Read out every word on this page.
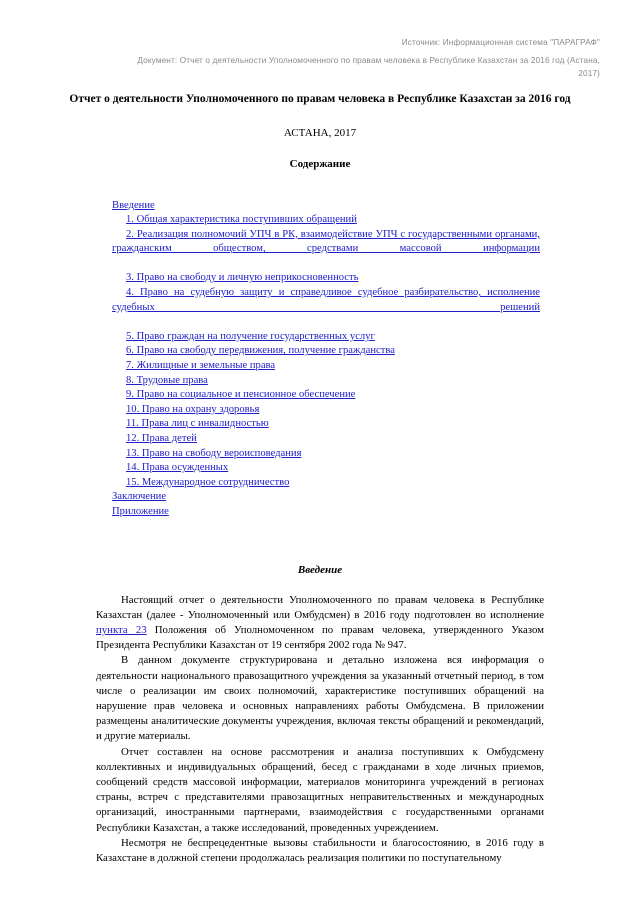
Источник: Информационная система "ПАРАГРАФ"
Документ: Отчет о деятельности Уполномоченного по правам человека в Республике Казахстан за 2016 год (Астана, 2017)
Отчет о деятельности Уполномоченного по правам человека в Республике Казахстан за 2016 год
АСТАНА, 2017
Содержание
Введение
1. Общая характеристика поступивших обращений
2. Реализация полномочий УПЧ в РК, взаимодействие УПЧ с государственными органами, гражданским обществом, средствами массовой информации
3. Право на свободу и личную неприкосновенность
4. Право на судебную защиту и справедливое судебное разбирательство, исполнение судебных решений
5. Право граждан на получение государственных услуг
6. Право на свободу передвижения, получение гражданства
7. Жилищные и земельные права
8. Трудовые права
9. Право на социальное и пенсионное обеспечение
10. Право на охрану здоровья
11. Права лиц с инвалидностью
12. Права детей
13. Право на свободу вероисповедания
14. Права осужденных
15. Международное сотрудничество
Заключение
Приложение
Введение

Настоящий отчет о деятельности Уполномоченного по правам человека в Республике Казахстан (далее - Уполномоченный или Омбудсмен) в 2016 году подготовлен во исполнение пункта 23 Положения об Уполномоченном по правам человека, утвержденного Указом Президента Республики Казахстан от 19 сентября 2002 года № 947.

В данном документе структурирована и детально изложена вся информация о деятельности национального правозащитного учреждения за указанный отчетный период, в том числе о реализации им своих полномочий, характеристике поступивших обращений на нарушение прав человека и основных направлениях работы Омбудсмена. В приложении размещены аналитические документы учреждения, включая тексты обращений и рекомендаций, и другие материалы.

Отчет составлен на основе рассмотрения и анализа поступивших к Омбудсмену коллективных и индивидуальных обращений, бесед с гражданами в ходе личных приемов, сообщений средств массовой информации, материалов мониторинга учреждений в регионах страны, встреч с представителями правозащитных неправительственных и международных организаций, иностранными партнерами, взаимодействия с государственными органами Республики Казахстан, а также исследований, проведенных учреждением.

Несмотря не беспрецедентные вызовы стабильности и благосостоянию, в 2016 году в Казахстане в должной степени продолжалась реализация политики по поступательному
